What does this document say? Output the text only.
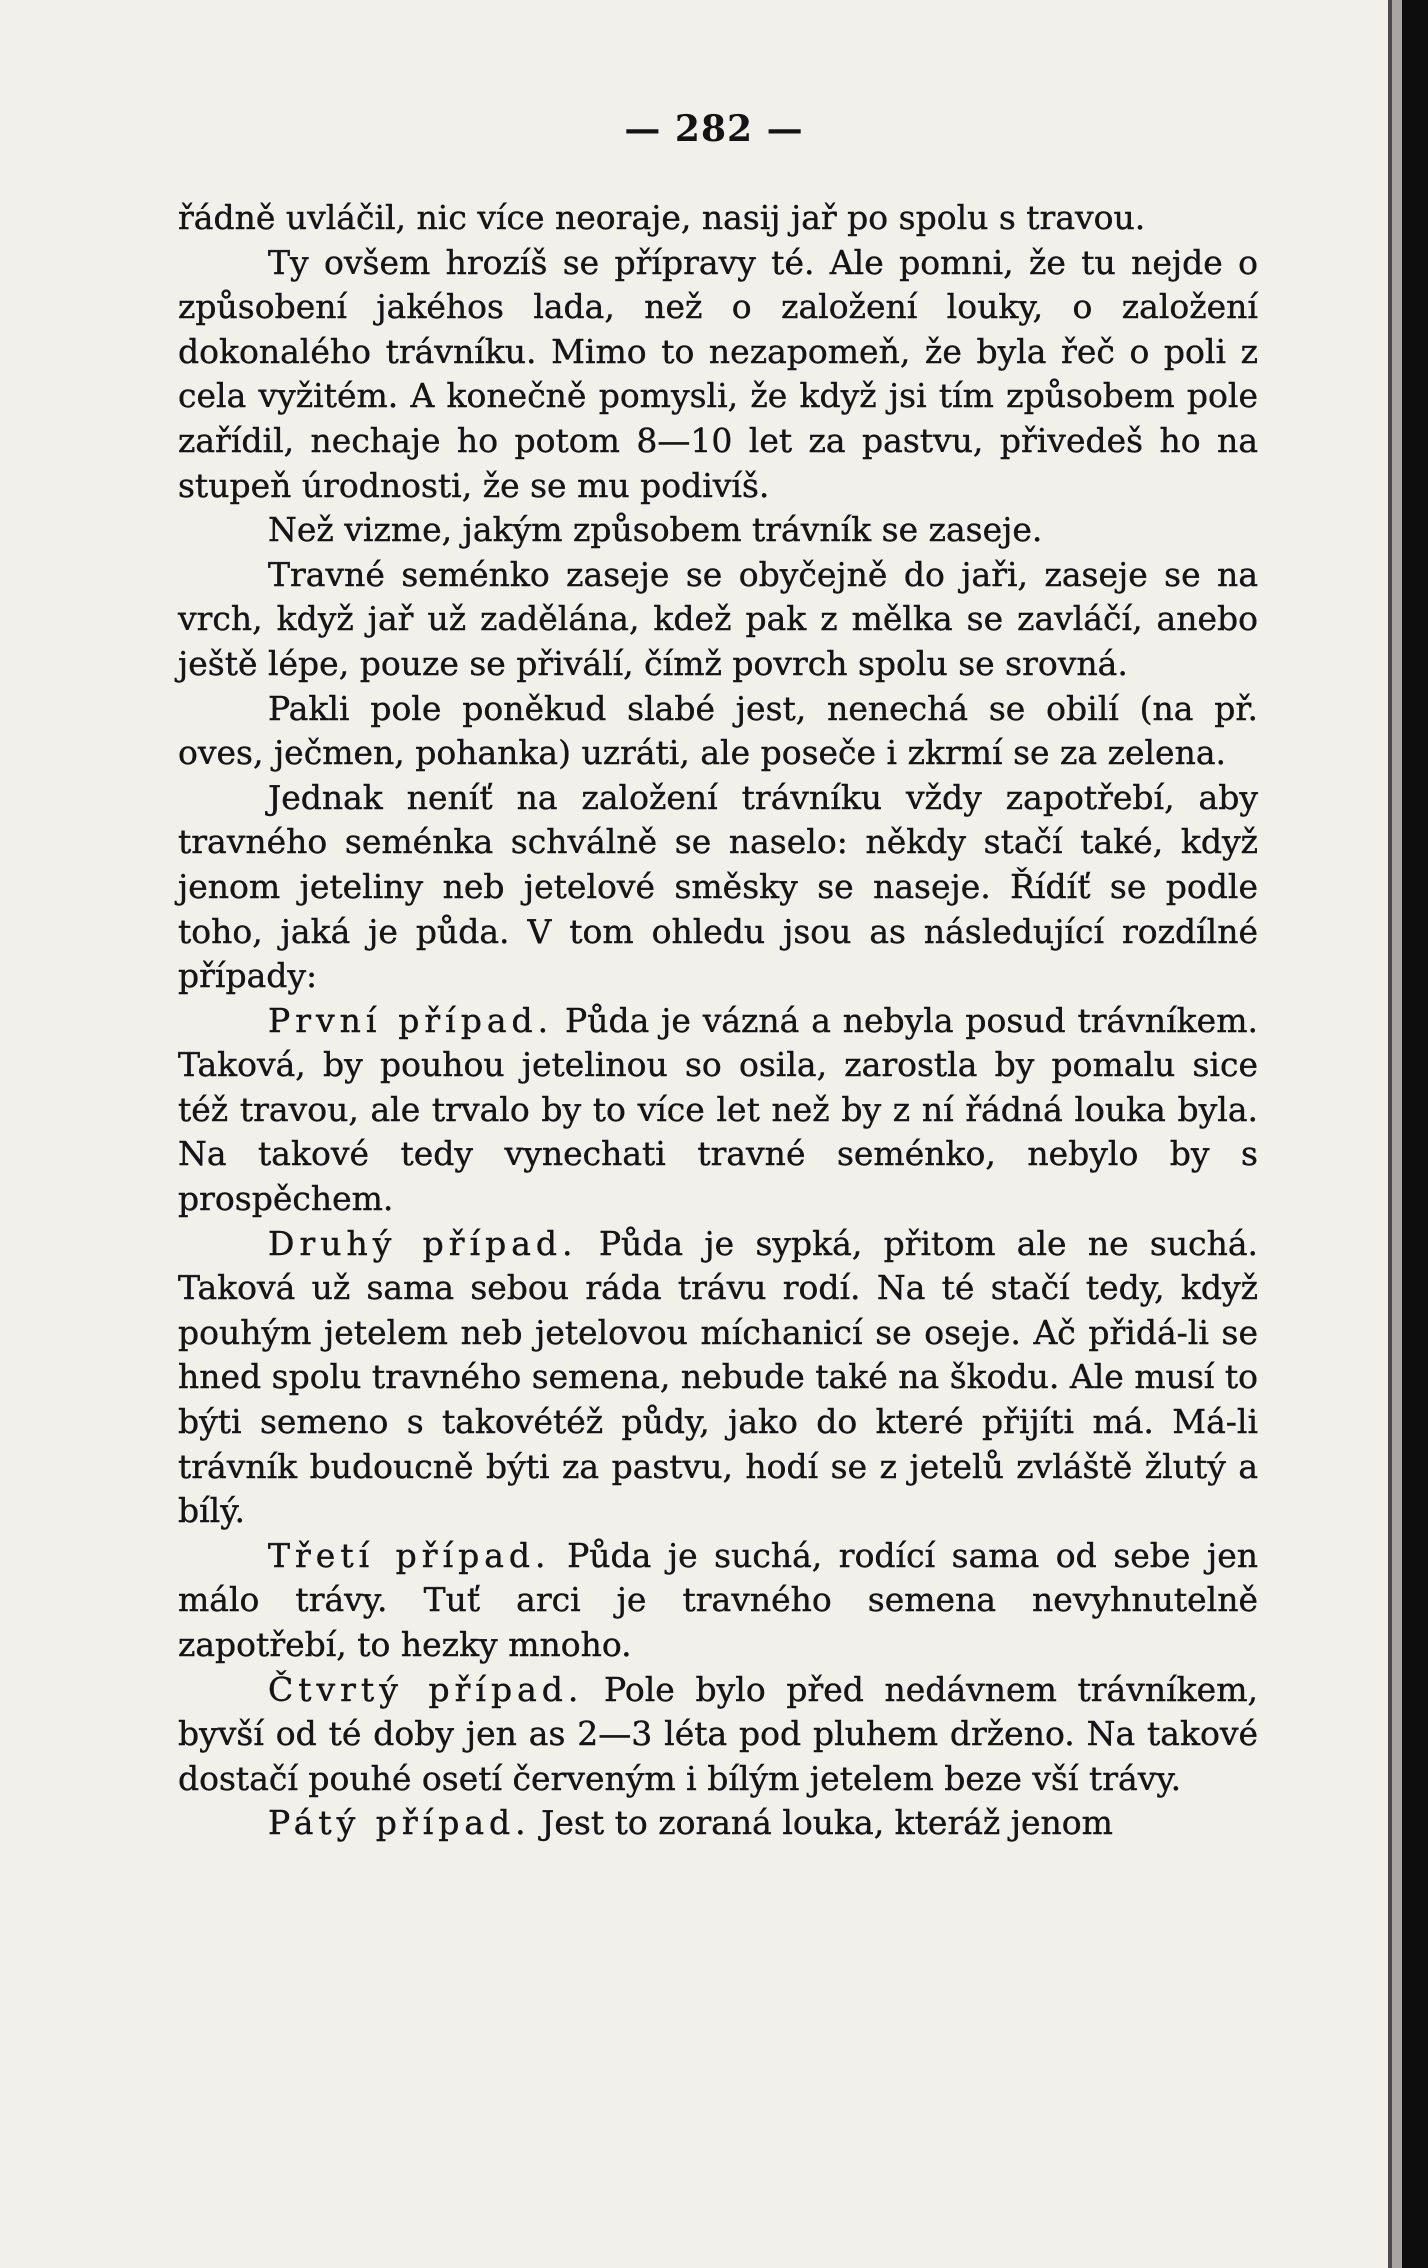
— 282 —

řádně uvláčil, nic více neoraje, nasij jař po spolu s travou.

Ty ovšem hrozíš se přípravy té. Ale pomni, že tu nejde o způsobení jakéhos lada, než o založení louky, o založení dokonalého trávníku. Mimo to nezapomeň, že byla řeč o poli z cela vyžitém. A konečně pomysli, že když jsi tím způsobem pole zařídil, nechaje ho potom 8—10 let za pastvu, přivedeš ho na stupeň úrodnosti, že se mu podivíš.

Než vizme, jakým způsobem trávník se zaseje.

Travné seménko zaseje se obyčejně do jaři, zaseje se na vrch, když jař už zadělána, kdež pak z mělka se zavláčí, anebo ještě lépe, pouze se přiválí, čímž povrch spolu se srovná.

Pakli pole poněkud slabé jest, nenechá se obilí (na př. oves, ječmen, pohanka) uzráti, ale poseče i zkrmí se za zelena.

Jednak neníť na založení trávníku vždy zapotřebí, aby travného seménka schválně se naselo: někdy stačí také, když jenom jeteliny neb jetelové směsky se naseje. Řídíť se podle toho, jaká je půda. V tom ohledu jsou as následující rozdílné případy:

První případ. Půda je vázná a nebyla posud trávníkem. Taková, by pouhou jetelinou so osila, zarostla by pomalu sice též travou, ale trvalo by to více let než by z ní řádná louka byla. Na takové tedy vynechati travné seménko, nebylo by s prospěchem.

Druhý případ. Půda je sypká, přitom ale ne suchá. Taková už sama sebou ráda trávu rodí. Na té stačí tedy, když pouhým jetelem neb jetelovou míchanicí se oseje. Ač přidá-li se hned spolu travného semena, nebude také na škodu. Ale musí to býti semeno s takovétéž půdy, jako do které přijíti má. Má-li trávník budoucně býti za pastvu, hodí se z jetelů zvláště žlutý a bílý.

Třetí případ. Půda je suchá, rodící sama od sebe jen málo trávy. Tuť arci je travného semena nevyhnutelně zapotřebí, to hezky mnoho.

Čtvrtý případ. Pole bylo před nedávnem trávníkem, byvší od té doby jen as 2—3 léta pod pluhem drženo. Na takové dostačí pouhé osetí červeným i bílým jetelem beze vší trávy.

Pátý případ. Jest to zoraná louka, kteráž jenom
